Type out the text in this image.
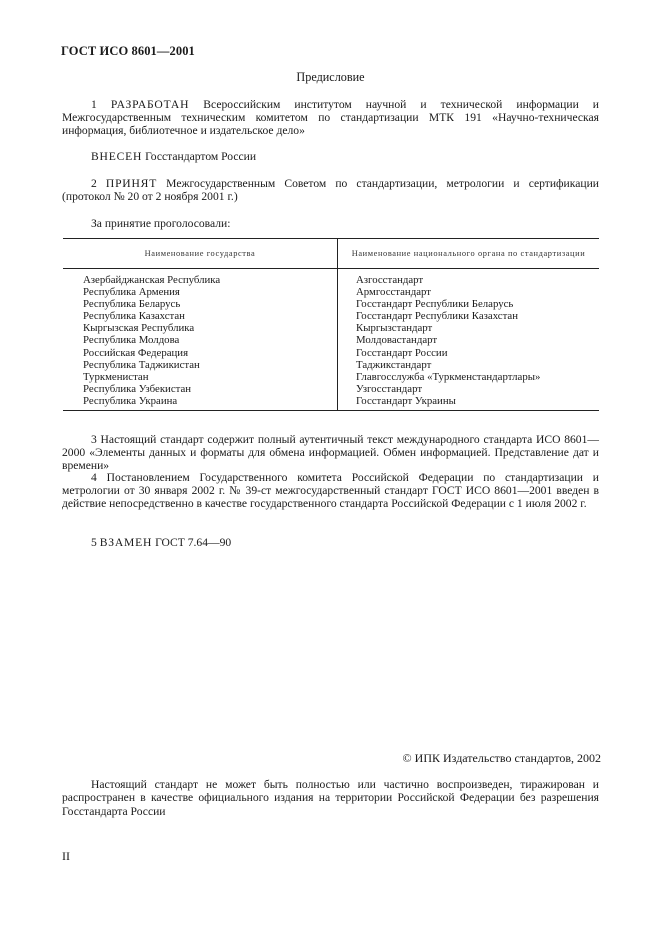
ГОСТ ИСО 8601—2001
Предисловие

1 РАЗРАБОТАН Всероссийским институтом научной и технической информации и Межгосударственным техническим комитетом по стандартизации МТК 191 «Научно-техническая информация, библиотечное и издательское дело»

ВНЕСЕН Госстандартом России

2 ПРИНЯТ Межгосударственным Советом по стандартизации, метрологии и сертификации (протокол № 20 от 2 ноября 2001 г.)

За принятие проголосовали:

Наименование государства	Наименование национального органа по стандартизации
Азербайджанская Республика	Азгосстандарт
Республика Армения	Армгосстандарт
Республика Беларусь	Госстандарт Республики Беларусь
Республика Казахстан	Госстандарт Республики Казахстан
Кыргызская Республика	Кыргызстандарт
Республика Молдова	Молдовастандарт
Российская Федерация	Госстандарт России
Республика Таджикистан	Таджикстандарт
Туркменистан	Главгосслужба «Туркменстандартлары»
Республика Узбекистан	Узгосстандарт
Республика Украина	Госстандарт Украины

3 Настоящий стандарт содержит полный аутентичный текст международного стандарта ИСО 8601—2000 «Элементы данных и форматы для обмена информацией. Обмен информацией. Представление дат и времени»

4 Постановлением Государственного комитета Российской Федерации по стандартизации и метрологии от 30 января 2002 г. № 39-ст межгосударственный стандарт ГОСТ ИСО 8601—2001 введен в действие непосредственно в качестве государственного стандарта Российской Федерации с 1 июля 2002 г.

5 ВЗАМЕН ГОСТ 7.64—90

© ИПК Издательство стандартов, 2002

Настоящий стандарт не может быть полностью или частично воспроизведен, тиражирован и распространен в качестве официального издания на территории Российской Федерации без разрешения Госстандарта России

II
